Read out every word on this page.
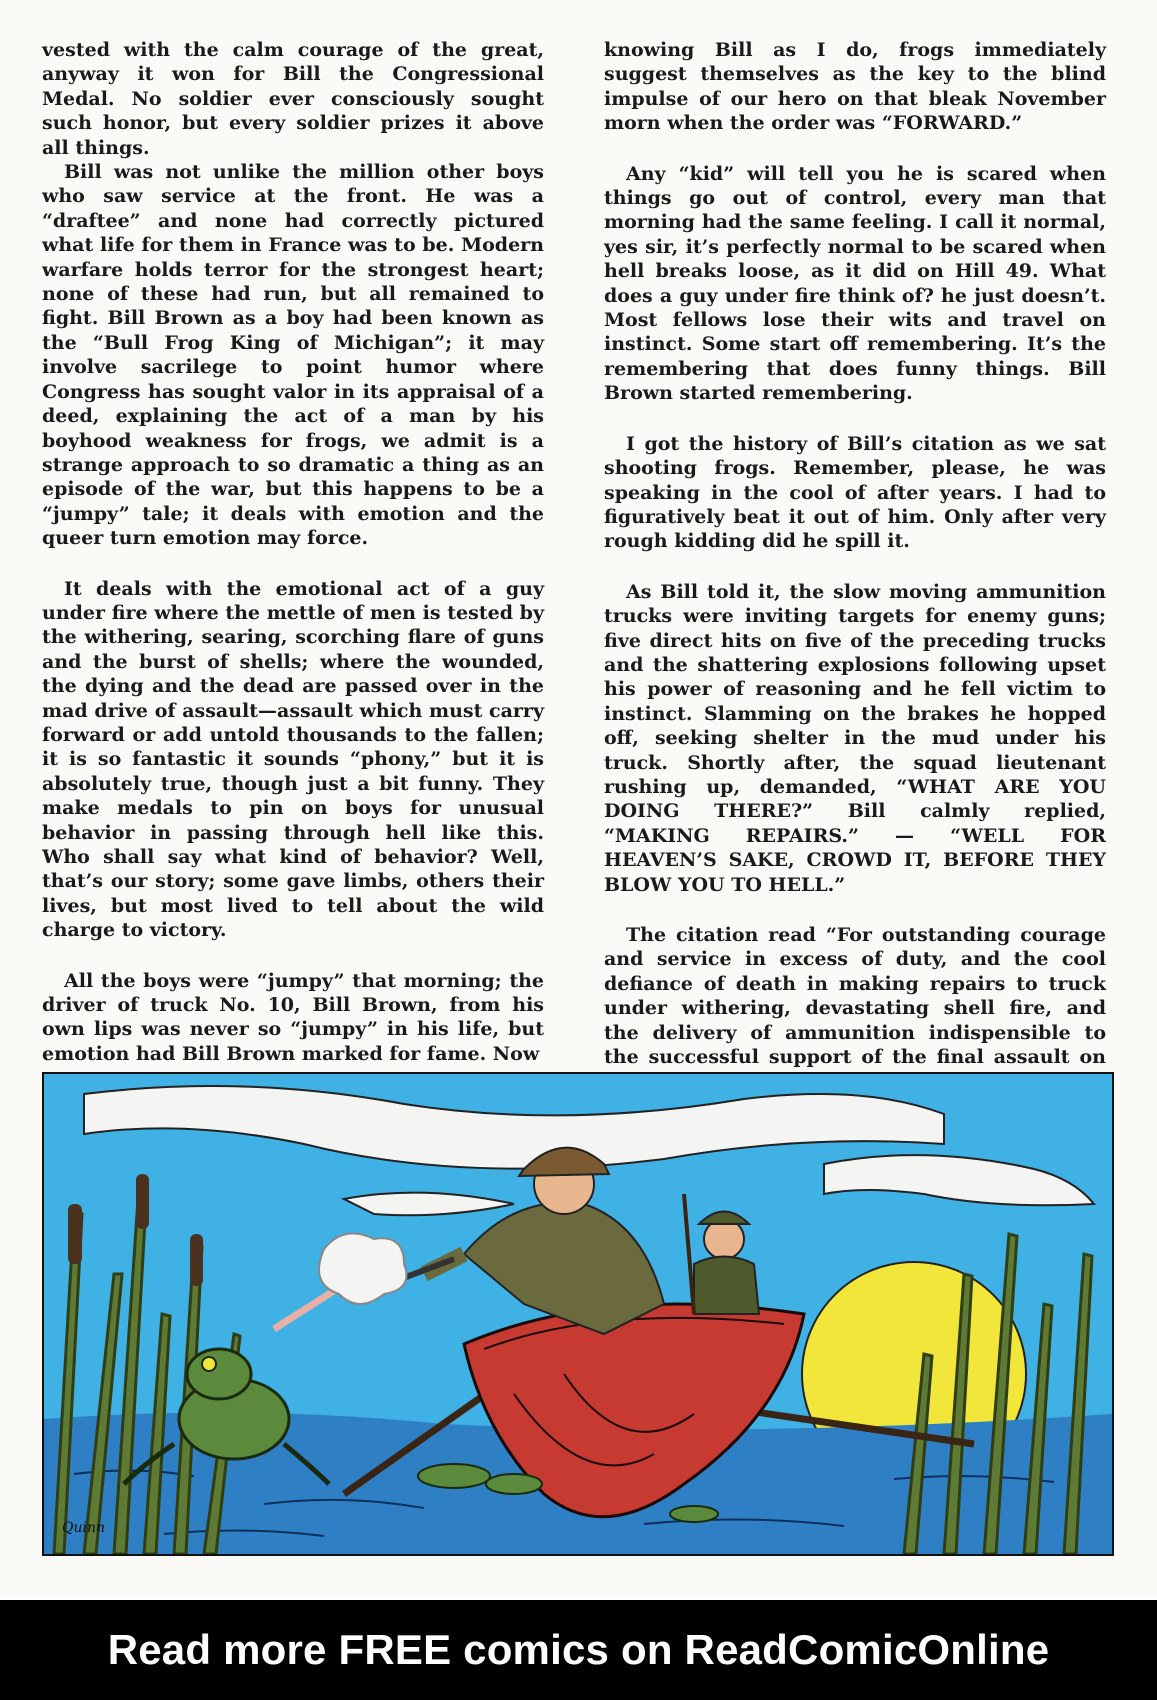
vested with the calm courage of the great, anyway it won for Bill the Congressional Medal. No soldier ever consciously sought such honor, but every soldier prizes it above all things.

Bill was not unlike the million other boys who saw service at the front. He was a “draftee” and none had correctly pictured what life for them in France was to be. Modern warfare holds terror for the strongest heart; none of these had run, but all remained to fight. Bill Brown as a boy had been known as the “Bull Frog King of Michigan”; it may involve sacrilege to point humor where Congress has sought valor in its appraisal of a deed, explaining the act of a man by his boyhood weakness for frogs, we admit is a strange approach to so dramatic a thing as an episode of the war, but this happens to be a “jumpy” tale; it deals with emotion and the queer turn emotion may force.

It deals with the emotional act of a guy under fire where the mettle of men is tested by the withering, searing, scorching flare of guns and the burst of shells; where the wounded, the dying and the dead are passed over in the mad drive of assault—assault which must carry forward or add untold thousands to the fallen; it is so fantastic it sounds “phony,” but it is absolutely true, though just a bit funny. They make medals to pin on boys for unusual behavior in passing through hell like this. Who shall say what kind of behavior? Well, that’s our story; some gave limbs, others their lives, but most lived to tell about the wild charge to victory.

All the boys were “jumpy” that morning; the driver of truck No. 10, Bill Brown, from his own lips was never so “jumpy” in his life, but emotion had Bill Brown marked for fame. Now

knowing Bill as I do, frogs immediately suggest themselves as the key to the blind impulse of our hero on that bleak November morn when the order was “FORWARD.”

Any “kid” will tell you he is scared when things go out of control, every man that morning had the same feeling. I call it normal, yes sir, it’s perfectly normal to be scared when hell breaks loose, as it did on Hill 49. What does a guy under fire think of? he just doesn’t. Most fellows lose their wits and travel on instinct. Some start off remembering. It’s the remembering that does funny things. Bill Brown started remembering.

I got the history of Bill’s citation as we sat shooting frogs. Remember, please, he was speaking in the cool of after years. I had to figuratively beat it out of him. Only after very rough kidding did he spill it.

As Bill told it, the slow moving ammunition trucks were inviting targets for enemy guns; five direct hits on five of the preceding trucks and the shattering explosions following upset his power of reasoning and he fell victim to instinct. Slamming on the brakes he hopped off, seeking shelter in the mud under his truck. Shortly after, the squad lieutenant rushing up, demanded, “WHAT ARE YOU DOING THERE?” Bill calmly replied, “MAKING REPAIRS.” — “WELL FOR HEAVEN’S SAKE, CROWD IT, BEFORE THEY BLOW YOU TO HELL.”

The citation read “For outstanding courage and service in excess of duty, and the cool defiance of death in making repairs to truck under withering, devastating shell fire, and the delivery of ammunition indispensible to the successful support of the final assault on

Quinn
Read more FREE comics on ReadComicOnline
